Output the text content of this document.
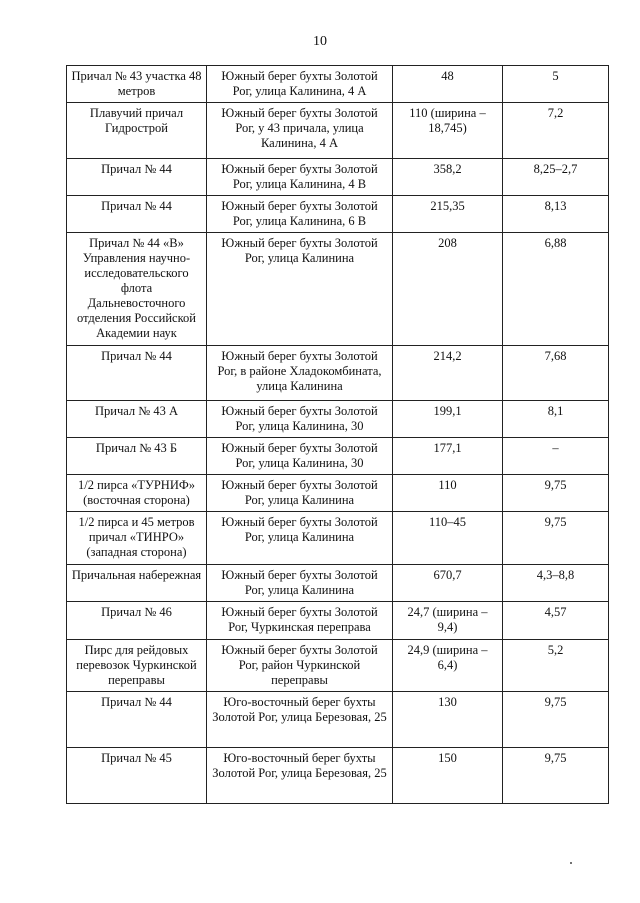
10
Причал № 43 участка 48 метров	Южный берег бухты Золотой Рог, улица Калинина, 4 А	48	5
Плавучий причал Гидрострой	Южный берег бухты Золотой Рог, у 43 причала, улица Калинина, 4 А	110 (ширина – 18,745)	7,2
Причал № 44	Южный берег бухты Золотой Рог, улица Калинина, 4 В	358,2	8,25–2,7
Причал № 44	Южный берег бухты Золотой Рог, улица Калинина, 6 В	215,35	8,13
Причал № 44 «В» Управления научно-исследовательского флота Дальневосточного отделения Российской Академии наук	Южный берег бухты Золотой Рог, улица Калинина	208	6,88
Причал № 44	Южный берег бухты Золотой Рог, в районе Хладокомбината, улица Калинина	214,2	7,68
Причал № 43 А	Южный берег бухты Золотой Рог, улица Калинина, 30	199,1	8,1
Причал № 43 Б	Южный берег бухты Золотой Рог, улица Калинина, 30	177,1	–
1/2 пирса «ТУРНИФ» (восточная сторона)	Южный берег бухты Золотой Рог, улица Калинина	110	9,75
1/2 пирса и 45 метров причал «ТИНРО» (западная сторона)	Южный берег бухты Золотой Рог, улица Калинина	110–45	9,75
Причальная набережная	Южный берег бухты Золотой Рог, улица Калинина	670,7	4,3–8,8
Причал № 46	Южный берег бухты Золотой Рог, Чуркинская переправа	24,7 (ширина – 9,4)	4,57
Пирс для рейдовых перевозок Чуркинской переправы	Южный берег бухты Золотой Рог, район Чуркинской переправы	24,9 (ширина – 6,4)	5,2
Причал № 44	Юго-восточный берег бухты Золотой Рог, улица Березовая, 25	130	9,75
Причал № 45	Юго-восточный берег бухты Золотой Рог, улица Березовая, 25	150	9,75
